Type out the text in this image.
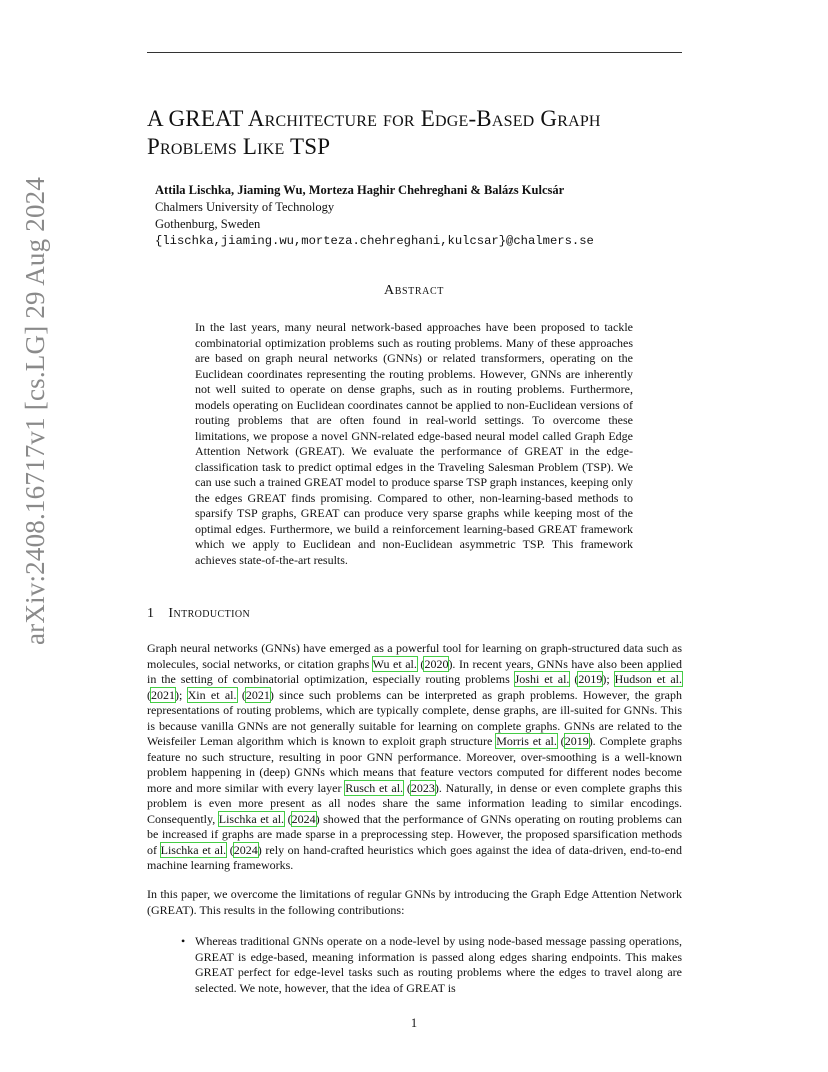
arXiv:2408.16717v1 [cs.LG] 29 Aug 2024
A GREAT Architecture for Edge-Based Graph
Problems Like TSP
Attila Lischka, Jiaming Wu, Morteza Haghir Chehreghani & Balázs Kulcsár
Chalmers University of Technology
Gothenburg, Sweden
{lischka,jiaming.wu,morteza.chehreghani,kulcsar}@chalmers.se
Abstract

In the last years, many neural network-based approaches have been proposed to tackle combinatorial optimization problems such as routing problems. Many of these approaches are based on graph neural networks (GNNs) or related transformers, operating on the Euclidean coordinates representing the routing problems. However, GNNs are inherently not well suited to operate on dense graphs, such as in routing problems. Furthermore, models operating on Euclidean coordinates cannot be applied to non-Euclidean versions of routing problems that are often found in real-world settings. To overcome these limitations, we propose a novel GNN-related edge-based neural model called Graph Edge Attention Network (GREAT). We evaluate the performance of GREAT in the edge-classification task to predict optimal edges in the Traveling Salesman Problem (TSP). We can use such a trained GREAT model to produce sparse TSP graph instances, keeping only the edges GREAT finds promising. Compared to other, non-learning-based methods to sparsify TSP graphs, GREAT can produce very sparse graphs while keeping most of the optimal edges. Furthermore, we build a reinforcement learning-based GREAT framework which we apply to Euclidean and non-Euclidean asymmetric TSP. This framework achieves state-of-the-art results.

1 Introduction

Graph neural networks (GNNs) have emerged as a powerful tool for learning on graph-structured data such as molecules, social networks, or citation graphs Wu et al. (2020). In recent years, GNNs have also been applied in the setting of combinatorial optimization, especially routing problems Joshi et al. (2019); Hudson et al. (2021); Xin et al. (2021) since such problems can be interpreted as graph problems. However, the graph representations of routing problems, which are typically complete, dense graphs, are ill-suited for GNNs. This is because vanilla GNNs are not generally suitable for learning on complete graphs. GNNs are related to the Weisfeiler Leman algorithm which is known to exploit graph structure Morris et al. (2019). Complete graphs feature no such structure, resulting in poor GNN performance. Moreover, over-smoothing is a well-known problem happening in (deep) GNNs which means that feature vectors computed for different nodes become more and more similar with every layer Rusch et al. (2023). Naturally, in dense or even complete graphs this problem is even more present as all nodes share the same information leading to similar encodings. Consequently, Lischka et al. (2024) showed that the performance of GNNs operating on routing problems can be increased if graphs are made sparse in a preprocessing step. However, the proposed sparsification methods of Lischka et al. (2024) rely on hand-crafted heuristics which goes against the idea of data-driven, end-to-end machine learning frameworks.

In this paper, we overcome the limitations of regular GNNs by introducing the Graph Edge Attention Network (GREAT). This results in the following contributions:

• Whereas traditional GNNs operate on a node-level by using node-based message passing operations, GREAT is edge-based, meaning information is passed along edges sharing endpoints. This makes GREAT perfect for edge-level tasks such as routing problems where the edges to travel along are selected. We note, however, that the idea of GREAT is

1
